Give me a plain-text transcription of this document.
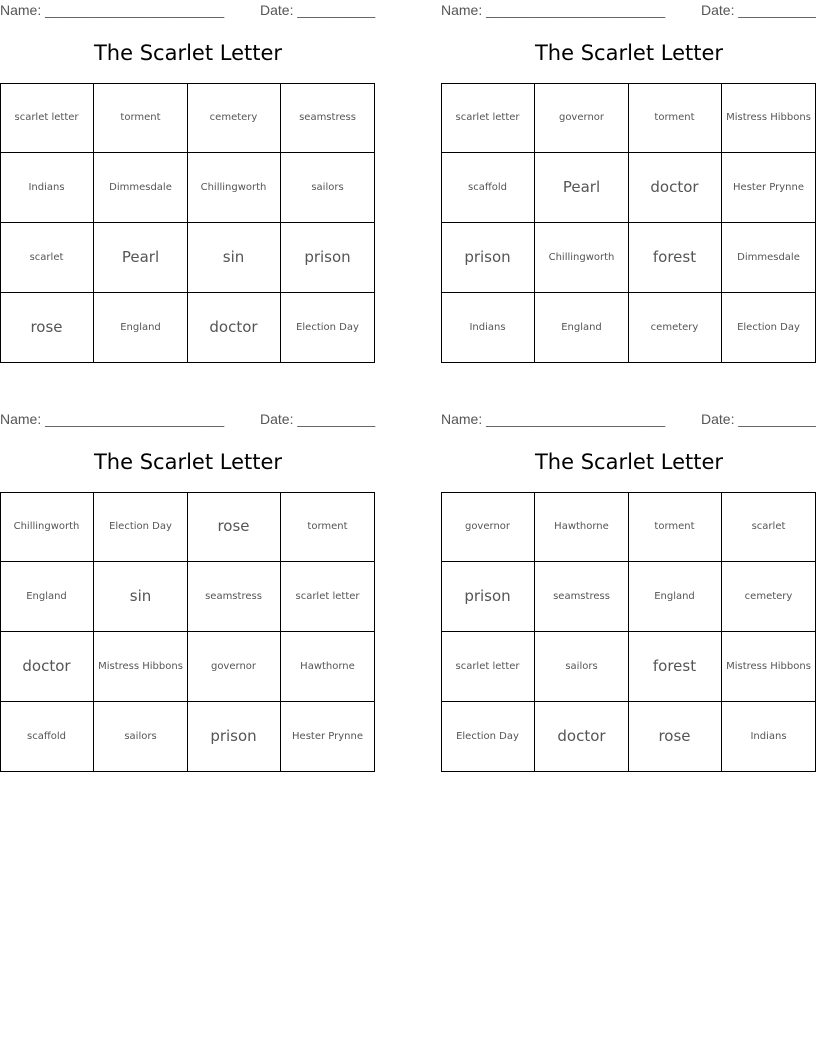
Name: _______________________	Date: __________
The Scarlet Letter
scarlet letter	torment	cemetery	seamstress
Indians	Dimmesdale	Chillingworth	sailors
scarlet	Pearl	sin	prison
rose	England	doctor	Election Day
Name: _______________________	Date: __________
The Scarlet Letter
scarlet letter	governor	torment	Mistress Hibbons
scaffold	Pearl	doctor	Hester Prynne
prison	Chillingworth	forest	Dimmesdale
Indians	England	cemetery	Election Day
Name: _______________________	Date: __________
The Scarlet Letter
Chillingworth	Election Day	rose	torment
England	sin	seamstress	scarlet letter
doctor	Mistress Hibbons	governor	Hawthorne
scaffold	sailors	prison	Hester Prynne
Name: _______________________	Date: __________
The Scarlet Letter
governor	Hawthorne	torment	scarlet
prison	seamstress	England	cemetery
scarlet letter	sailors	forest	Mistress Hibbons
Election Day	doctor	rose	Indians
